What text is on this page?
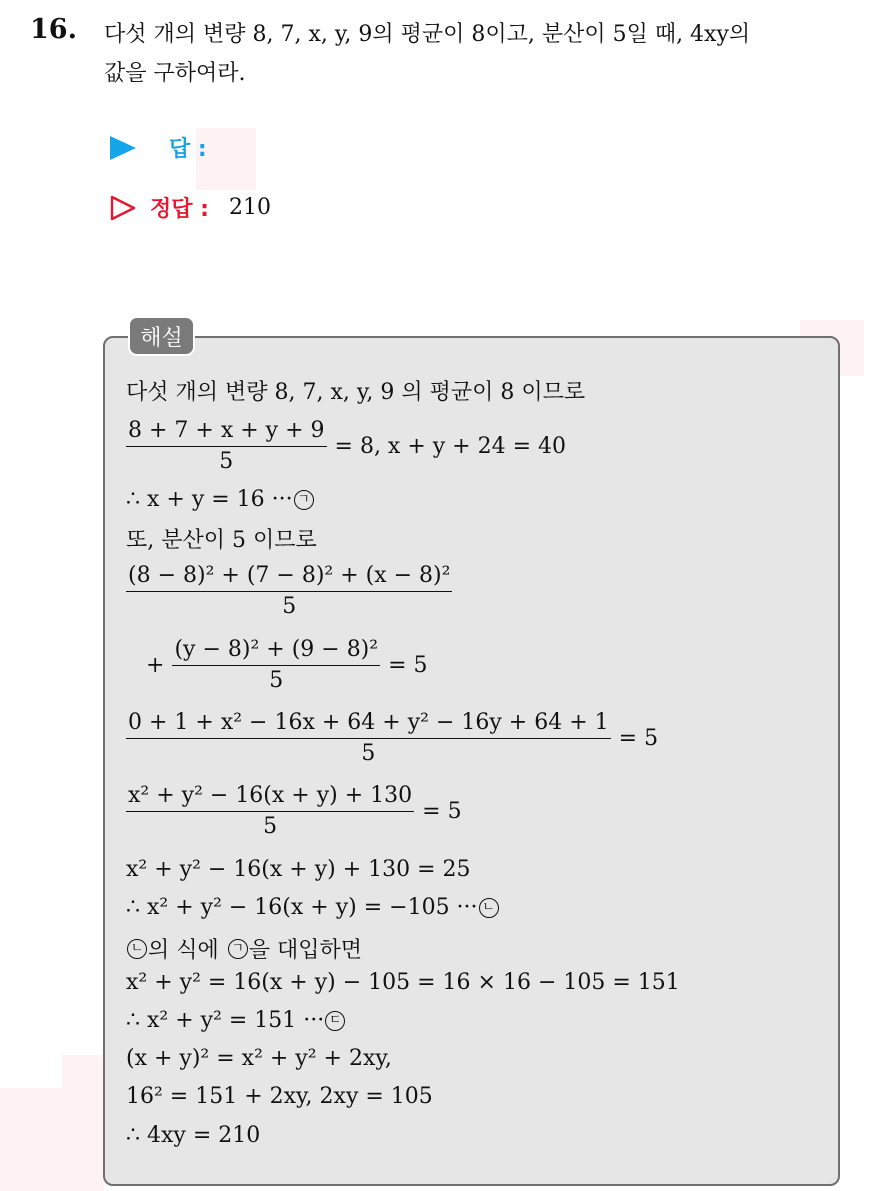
16. 다섯 개의 변량 8, 7, x, y, 9의 평균이 8이고, 분산이 5일 때, 4xy의
값을 구하여라.
답 :
정답 : 210
해설
다섯 개의 변량 8, 7, x, y, 9 의 평균이 8 이므로
$\frac{8 + 7 + x + y + 9}{5} = 8$, x + y + 24 = 40
∴ x + y = 16 ··· ㄱ
또, 분산이 5 이므로
$\frac{\text{(8 − 8)² + (7 − 8)² + (x − 8)²}}{5}$
+ $\frac{\text{(y − 8)² + (9 − 8)²}}{5} = 5$
$\frac{\text{0 + 1 + x² − 16x + 64 + y² − 16y + 64 + 1}}{5} = 5$
$\frac{\text{x² + y² − 16(x + y) + 130}}{5} = 5$
x² + y² − 16(x + y) + 130 = 25
∴ x² + y² − 16(x + y) = −105 ··· ㄴ
ㄴ 의 식에 ㄱ 을 대입하면
x² + y² = 16(x + y) − 105 = 16 × 16 − 105 = 151
∴ x² + y² = 151 ··· ㄷ
(x + y)² = x² + y² + 2xy,
16² = 151 + 2xy, 2xy = 105
∴ 4xy = 210
